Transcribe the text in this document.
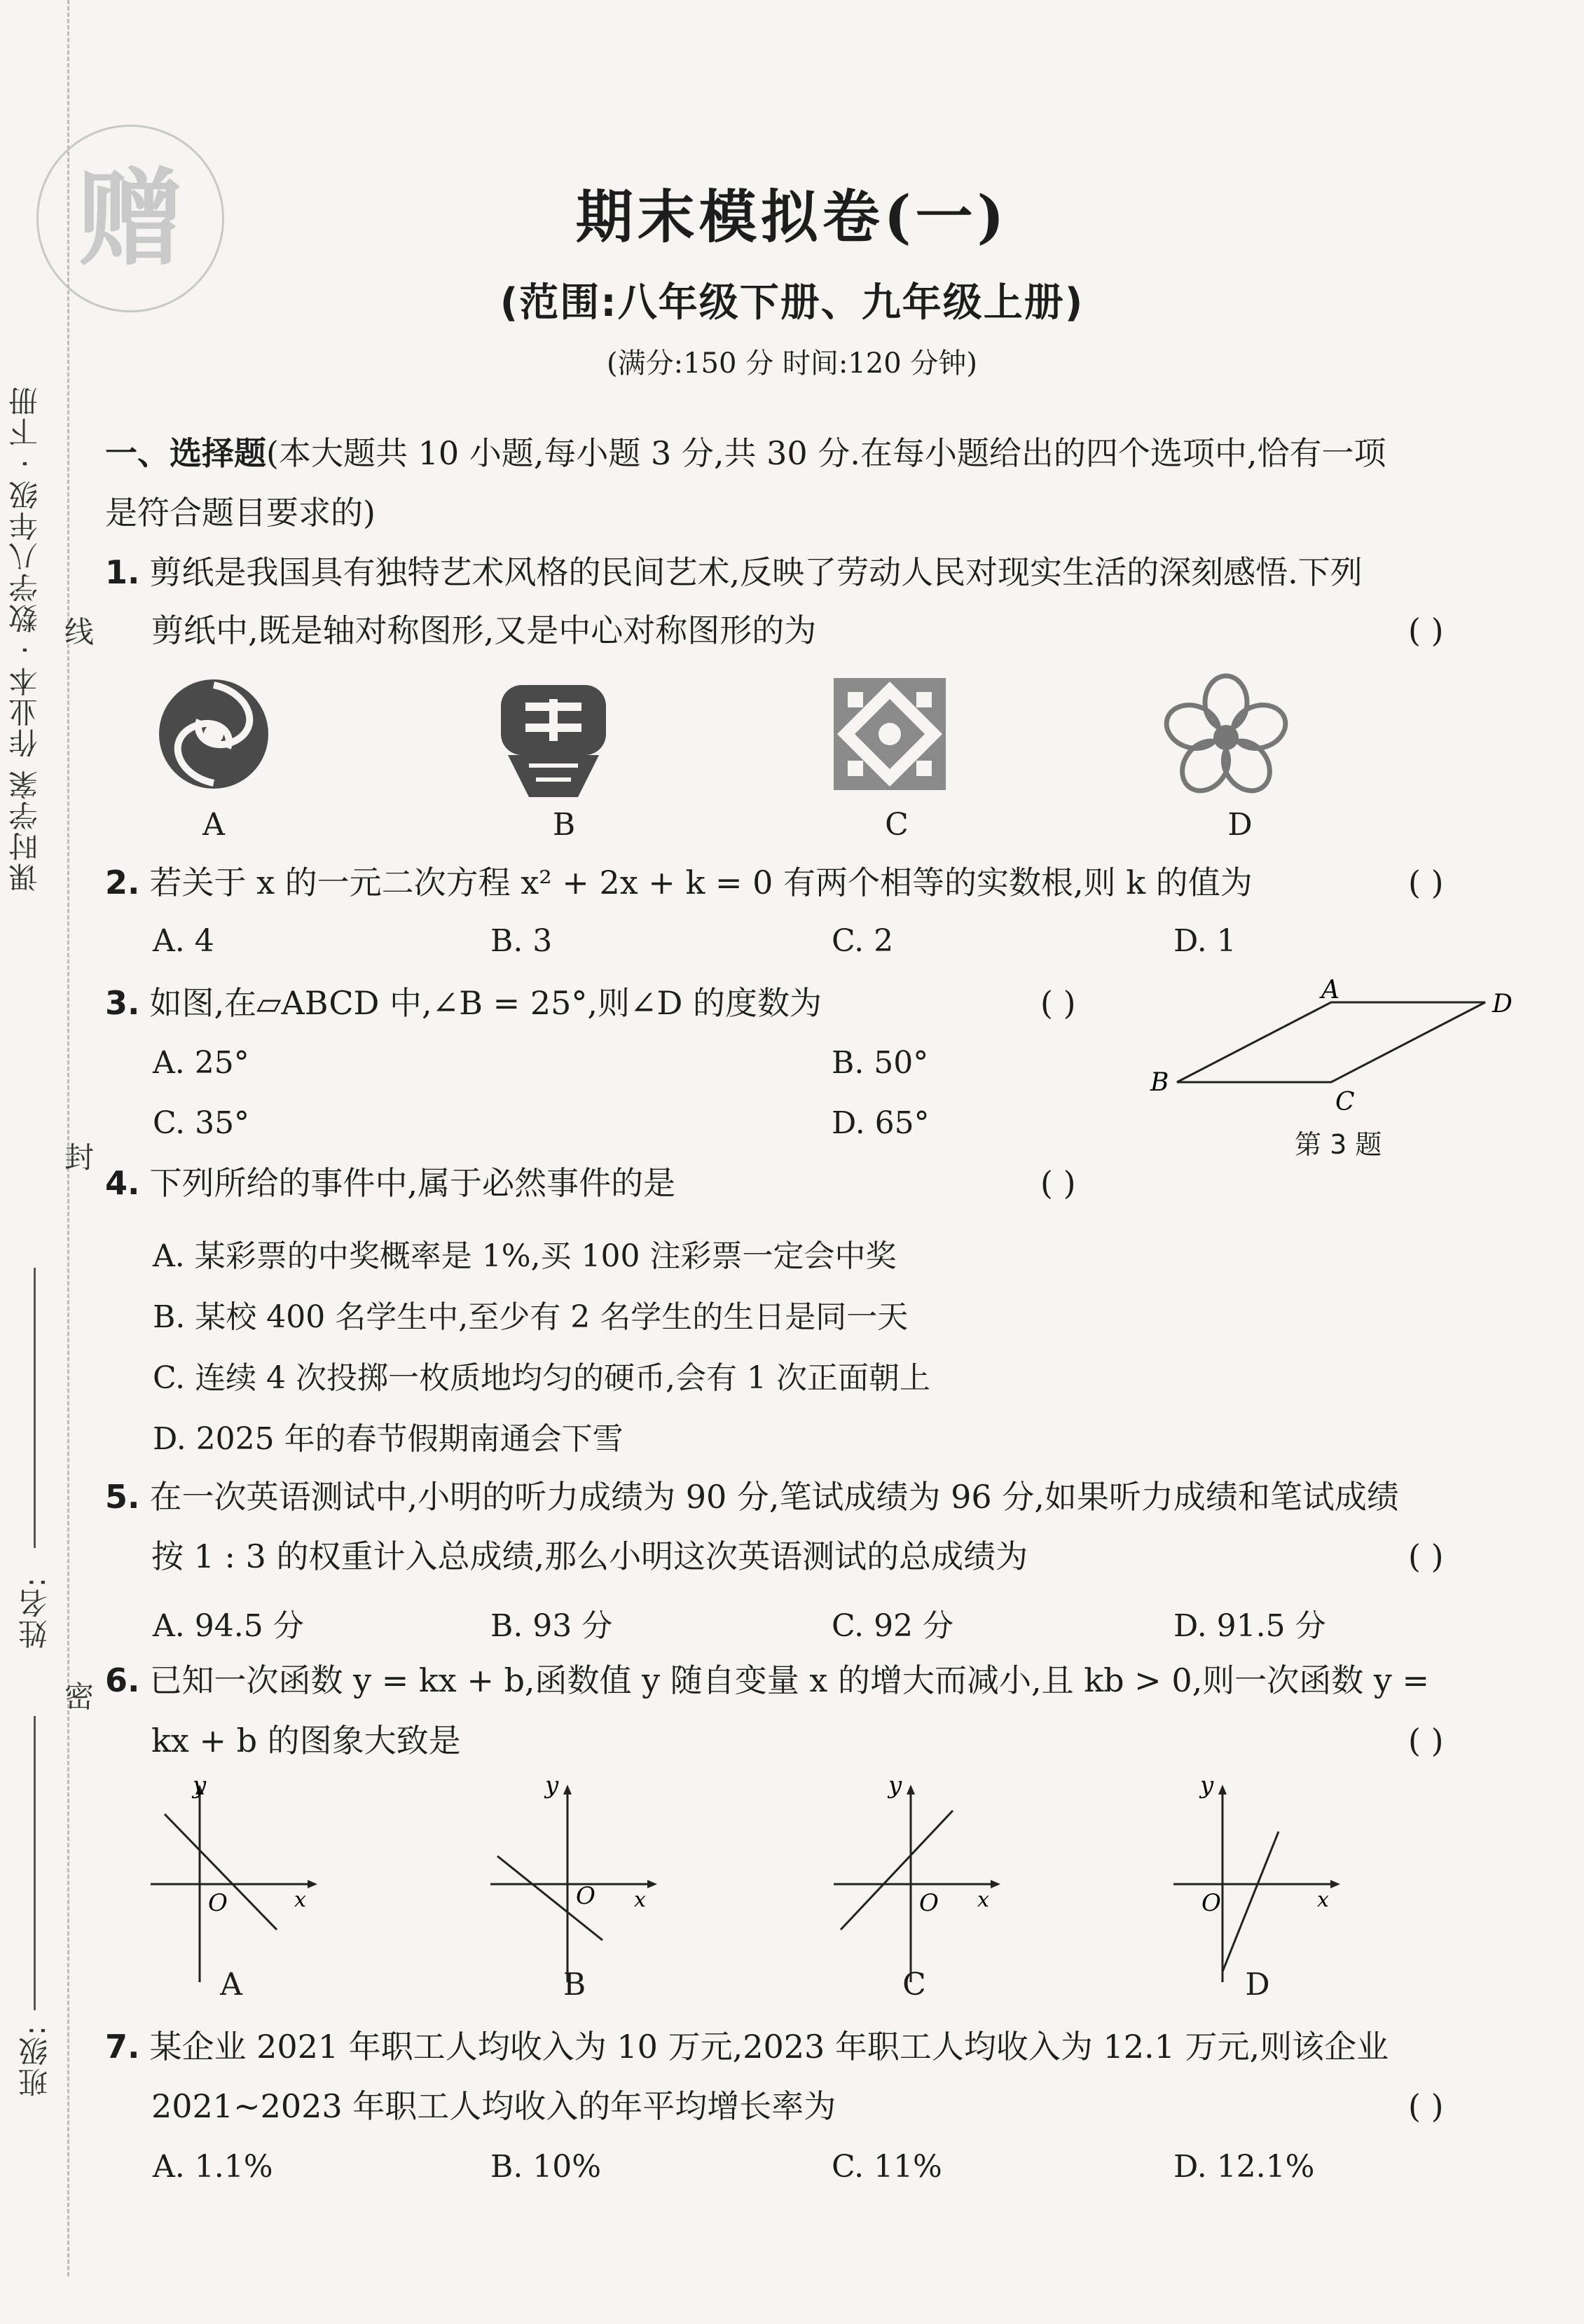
赠
课时学案 作业本 · 数学八年级 · 下册 线
封
密
姓名:
班级:
期末模拟卷(一)
(范围:八年级下册、九年级上册)
(满分:150 分 时间:120 分钟)
一、选择题(本大题共 10 小题,每小题 3 分,共 30 分.在每小题给出的四个选项中,恰有一项
是符合题目要求的)
1. 剪纸是我国具有独特艺术风格的民间艺术,反映了劳动人民对现实生活的深刻感悟.下列
剪纸中,既是轴对称图形,又是中心对称图形的为	( )
A	B	C	D
2. 若关于 x 的一元二次方程 x² + 2x + k = 0 有两个相等的实数根,则 k 的值为	( )
A. 4	B. 3	C. 2	D. 1
3. 如图,在▱ABCD 中,∠B = 25°,则∠D 的度数为	( )
A. 25°	B. 50°
C. 35°	D. 65°
A
B
C
D
第 3 题
4. 下列所给的事件中,属于必然事件的是	( )
A. 某彩票的中奖概率是 1%,买 100 注彩票一定会中奖
B. 某校 400 名学生中,至少有 2 名学生的生日是同一天
C. 连续 4 次投掷一枚质地均匀的硬币,会有 1 次正面朝上
D. 2025 年的春节假期南通会下雪
5. 在一次英语测试中,小明的听力成绩为 90 分,笔试成绩为 96 分,如果听力成绩和笔试成绩
按 1 : 3 的权重计入总成绩,那么小明这次英语测试的总成绩为	( )
A. 94.5 分	B. 93 分	C. 92 分	D. 91.5 分
6. 已知一次函数 y = kx + b,函数值 y 随自变量 x 的增大而减小,且 kb > 0,则一次函数 y =
kx + b 的图象大致是	( )
y
x
O
y
x
O
y
x
O
y
x
O
A	B	C	D
7. 某企业 2021 年职工人均收入为 10 万元,2023 年职工人均收入为 12.1 万元,则该企业
2021~2023 年职工人均收入的年平均增长率为	( )
A. 1.1%	B. 10%	C. 11%	D. 12.1%
